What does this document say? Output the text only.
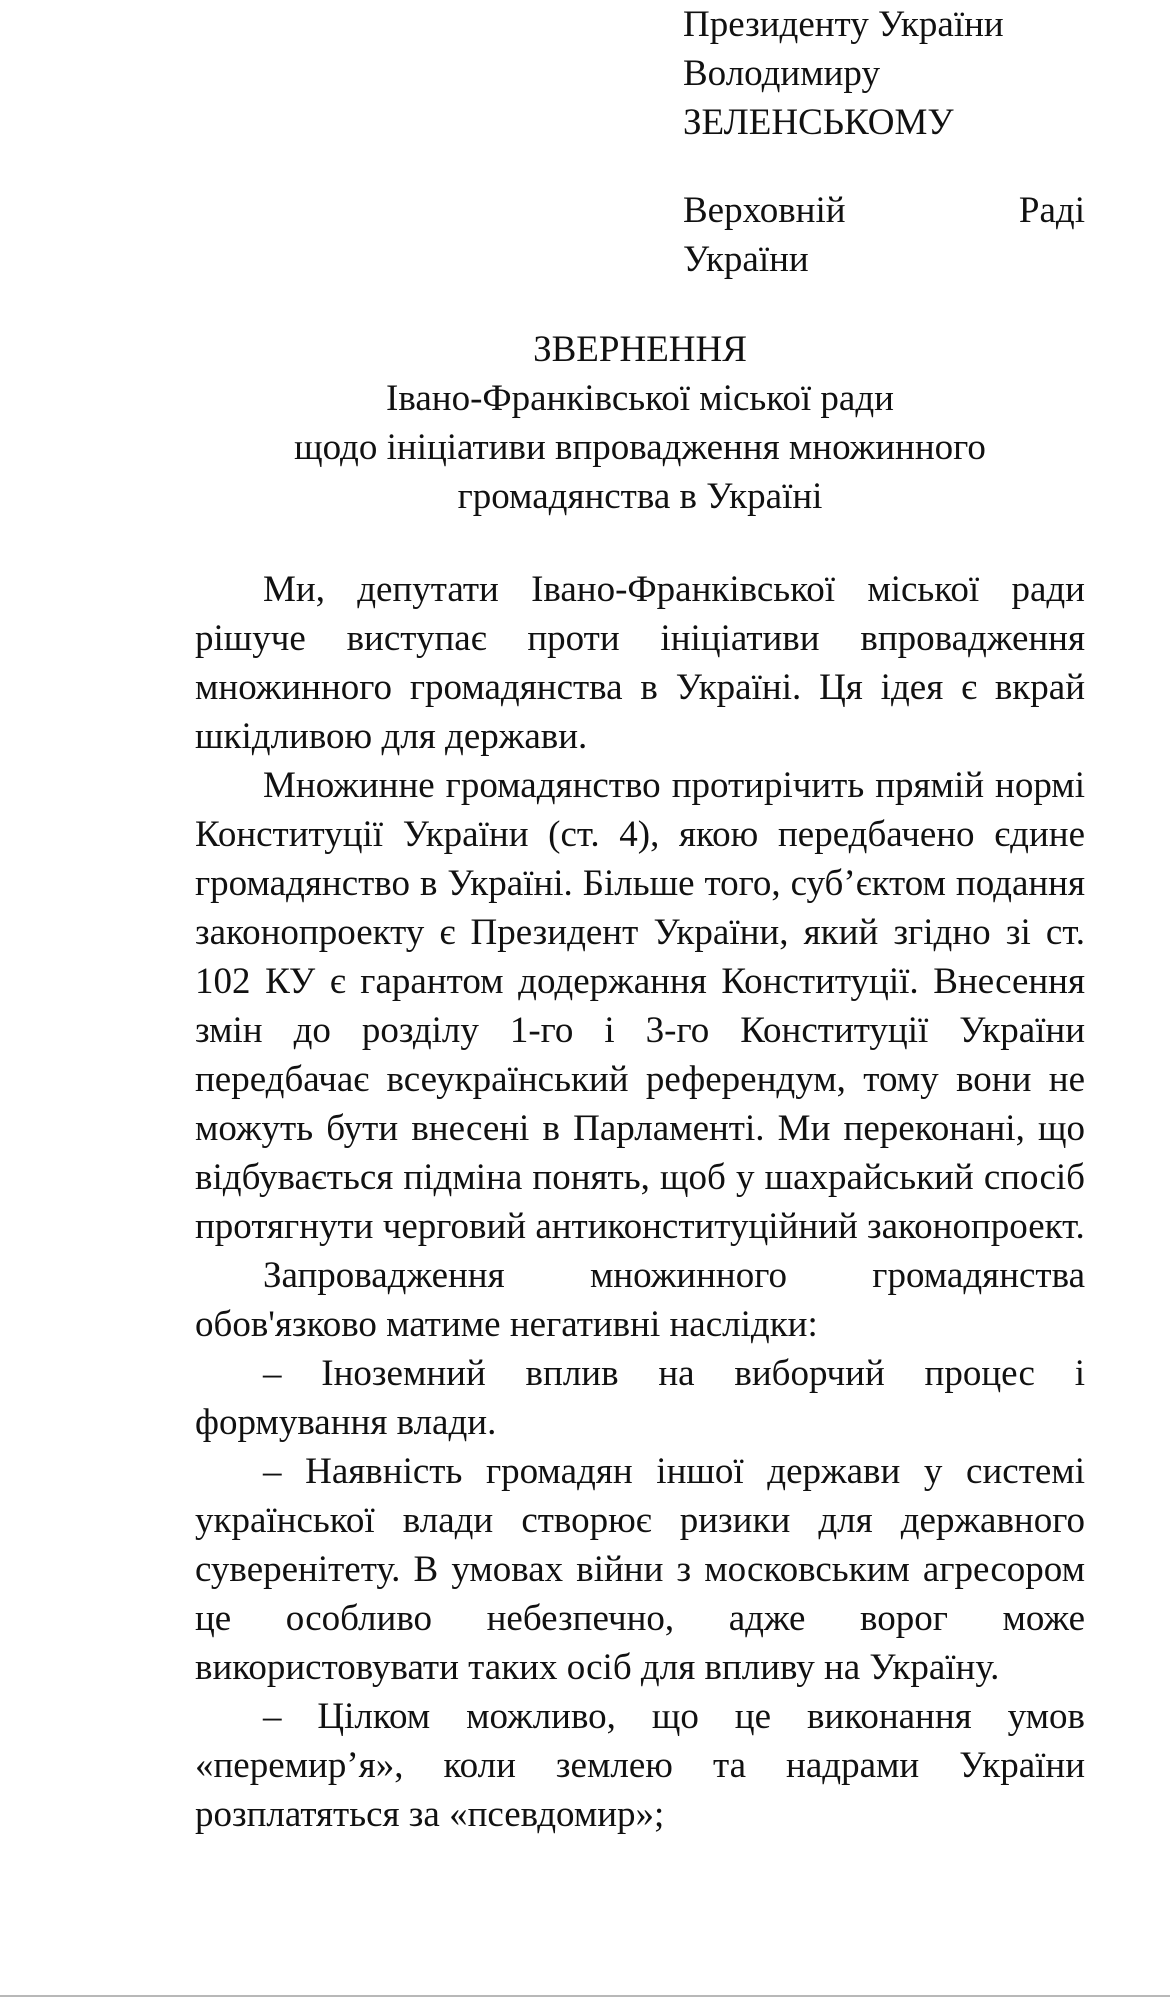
Президенту України
Володимиру
ЗЕЛЕНСЬКОМУ
Верховній	Раді
України
ЗВЕРНЕННЯ
Івано-Франківської міської ради
щодо ініціативи впровадження множинного
громадянства в Україні

Ми, депутати Івано-Франківської міської ради рішуче виступає проти ініціативи впровадження множинного громадянства в Україні. Ця ідея є вкрай шкідливою для держави.

Множинне громадянство протирічить прямій нормі Конституції України (ст. 4), якою передбачено єдине громадянство в Україні. Більше того, суб’єктом подання законопроекту є Президент України, який згідно зі ст. 102 КУ є гарантом додержання Конституції. Внесення змін до розділу 1-го і 3-го Конституції України передбачає всеукраїнський референдум, тому вони не можуть бути внесені в Парламенті. Ми переконані, що відбувається підміна понять, щоб у шахрайський спосіб протягнути черговий антиконституційний законопроект.

Запровадження множинного громадянства обов'язково матиме негативні наслідки:

– Іноземний вплив на виборчий процес і формування влади.

– Наявність громадян іншої держави у системі української влади створює ризики для державного суверенітету. В умовах війни з московським агресором це особливо небезпечно, адже ворог може використовувати таких осіб для впливу на Україну.

– Цілком можливо, що це виконання умов «перемир’я», коли землею та надрами України розплатяться за «псевдомир»;
